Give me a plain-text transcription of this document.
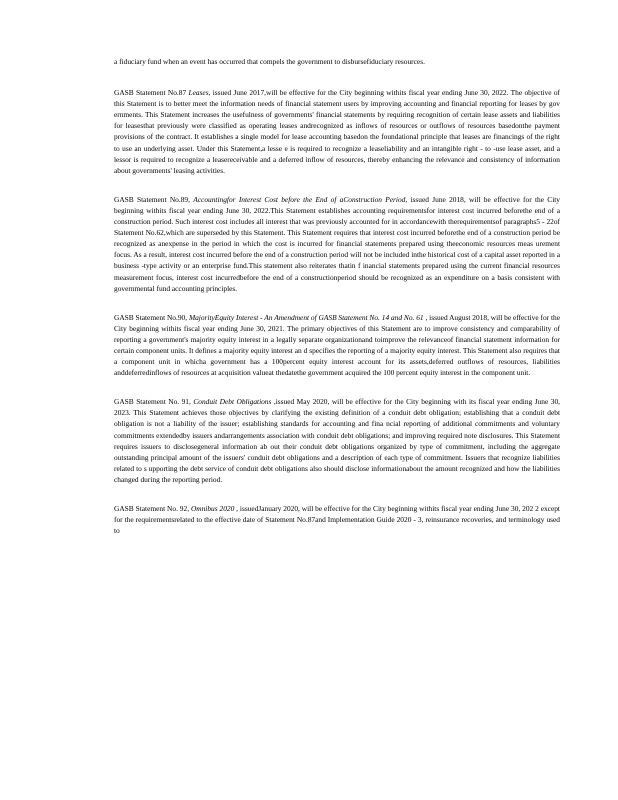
a fiduciary fund when an event has occurred that compels the government to disbursefiduciary resources.

GASB Statement No.87 Leases, issued June 2017,will be effective for the City beginning withits fiscal year ending June 30, 2022. The objective of this Statement is to better meet the information needs of financial statement users by improving accounting and financial reporting for leases by gov ernments. This Statement increases the usefulness of governments' financial statements by requiring recognition of certain lease assets and liabilities for leasesthat previously were classified as operating leases andrecognized as inflows of resources or outflows of resources basedonthe payment provisions of the contract. It establishes a single model for lease accounting basedon the foundational principle that leases are financings of the right to use an underlying asset. Under this Statement,a lesse e is required to recognize a leaseliability and an intangible right - to -use lease asset, and a lessor is required to recognize a leasereceivable and a deferred inflow of resources, thereby enhancing the relevance and consistency of information about governments' leasing activities.

GASB Statement No.89, Accountingfor Interest Cost before the End of aConstruction Period, issued June 2018, will be effective for the City beginning withits fiscal year ending June 30, 2022.This Statement establishes accounting requirementsfor interest cost incurred beforethe end of a construction period. Such interest cost includes all interest that was previously accounted for in accordancewith therequirementsof paragraphs5 - 22of Statement No.62,which are superseded by this Statement. This Statement requires that interest cost incurred beforethe end of a construction period be recognized as anexpense in the period in which the cost is incurred for financial statements prepared using theeconomic resources meas urement focus. As a result, interest cost incurred before the end of a construction period will not be included inthe historical cost of a capital asset reported in a business -type activity or an enterprise fund.This statement also reiterates thatin f inancial statements prepared using the current financial resources measurement focus, interest cost incurredbefore the end of a constructionperiod should be recognized as an expenditure on a basis consistent with governmental fund accounting principles.

GASB Statement No.90, MajorityEquity Interest - An Amendment of GASB Statement No. 14 and No. 61 , issued August 2018, will be effective for the City beginning withits fiscal year ending June 30, 2021. The primary objectives of this Statement are to improve consistency and comparability of reporting a government's majority equity interest in a legally separate organizationand toimprove the relevanceof financial statement information for certain component units. It defines a majority equity interest an d specifies the reporting of a majority equity interest. This Statement also requires that a component unit in whicha government has a 100percent equity interest account for its assets,deferred outflows of resources, liabilities anddeferredinflows of resources at acquisition valueat thedatethe government acquired the 100 percent equity interest in the component unit.

GASB Statement No. 91, Conduit Debt Obligations ,issued May 2020, will be effective for the City beginning with its fiscal year ending June 30, 2023. This Statement achieves those objectives by clarifying the existing definition of a conduit debt obligation; establishing that a conduit debt obligation is not a liability of the issuer; establishing standards for accounting and fina ncial reporting of additional commitments and voluntary commitments extendedby issuers andarrangements association with conduit debt obligations; and improving required note disclosures. This Statement requires issuers to disclosegeneral information ab out their conduit debt obligations organized by type of commitment, including the aggregate outstanding principal amount of the issuers' conduit debt obligations and a description of each type of commitment. Issuers that recognize liabilities related to s upporting the debt service of conduit debt obligations also should disclose informationabout the amount recognized and how the liabilities changed during the reporting period.

GASB Statement No. 92, Omnibus 2020 , issuedJanuary 2020, will be effective for the City beginning withits fiscal year ending June 30, 202 2 except for the requirementsrelated to the effective date of Statement No.87and Implementation Guide 2020 - 3, reinsurance recoveries, and terminology used to
